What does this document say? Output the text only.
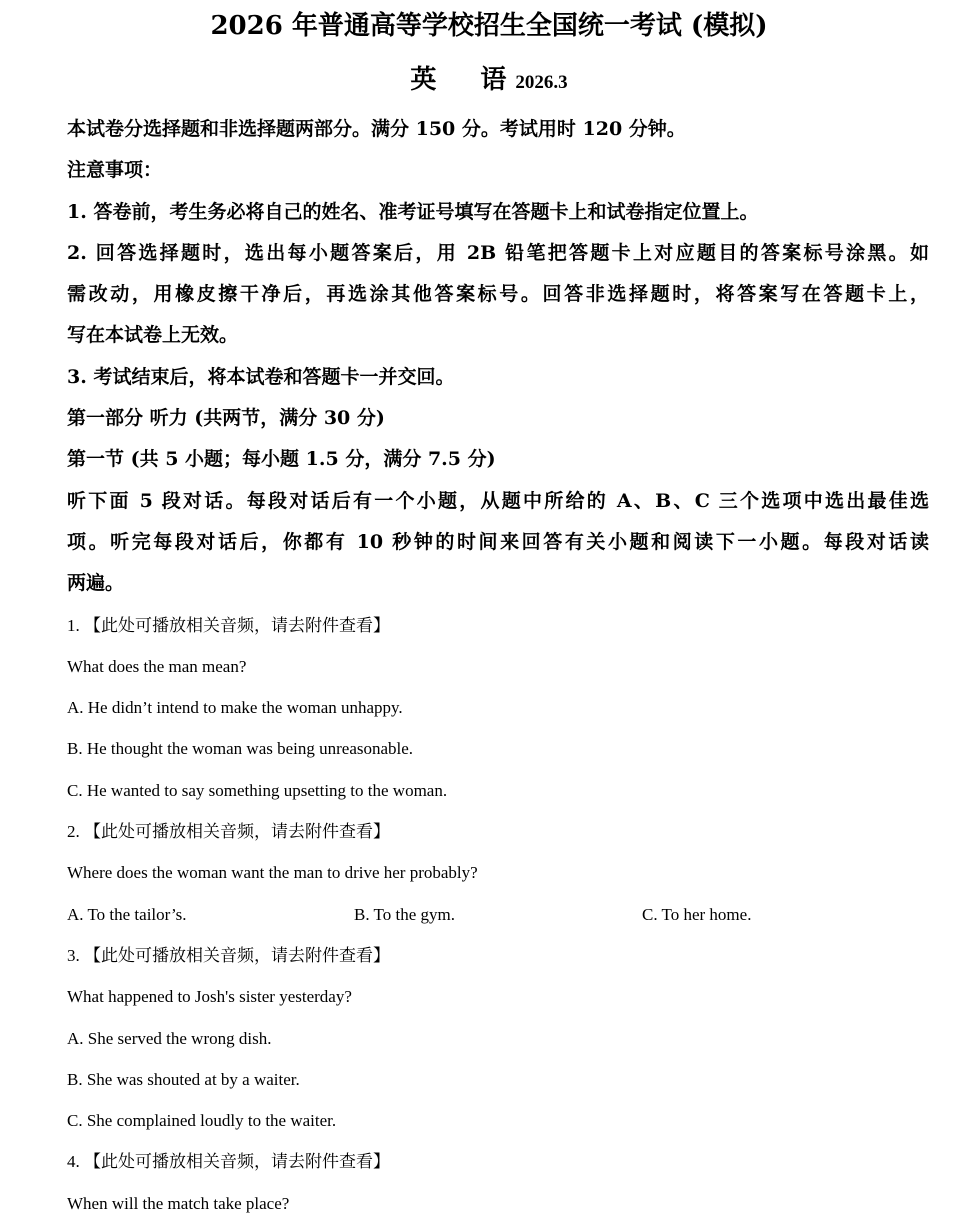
2026 年普通高等学校招生全国统一考试 (模拟)
英 语 2026.3
本试卷分选择题和非选择题两部分。满分 150 分。考试用时 120 分钟。
注意事项：
1. 答卷前，考生务必将自己的姓名、准考证号填写在答题卡上和试卷指定位置上。
2. 回答选择题时，选出每小题答案后，用 2B 铅笔把答题卡上对应题目的答案标号涂黑。如
需改动，用橡皮擦干净后，再选涂其他答案标号。回答非选择题时，将答案写在答题卡上，
写在本试卷上无效。
3. 考试结束后，将本试卷和答题卡一并交回。
第一部分 听力 (共两节，满分 30 分)
第一节 (共 5 小题；每小题 1.5 分，满分 7.5 分)
听下面 5 段对话。每段对话后有一个小题，从题中所给的 A、B、C 三个选项中选出最佳选
项。听完每段对话后，你都有 10 秒钟的时间来回答有关小题和阅读下一小题。每段对话读
两遍。
1. 【此处可播放相关音频，请去附件查看】
What does the man mean?
A. He didn’t intend to make the woman unhappy.
B. He thought the woman was being unreasonable.
C. He wanted to say something upsetting to the woman.
2. 【此处可播放相关音频，请去附件查看】
Where does the woman want the man to drive her probably?
A. To the tailor’s.	B. To the gym.	C. To her home.
3. 【此处可播放相关音频，请去附件查看】
What happened to Josh's sister yesterday?
A. She served the wrong dish.
B. She was shouted at by a waiter.
C. She complained loudly to the waiter.
4. 【此处可播放相关音频，请去附件查看】
When will the match take place?
